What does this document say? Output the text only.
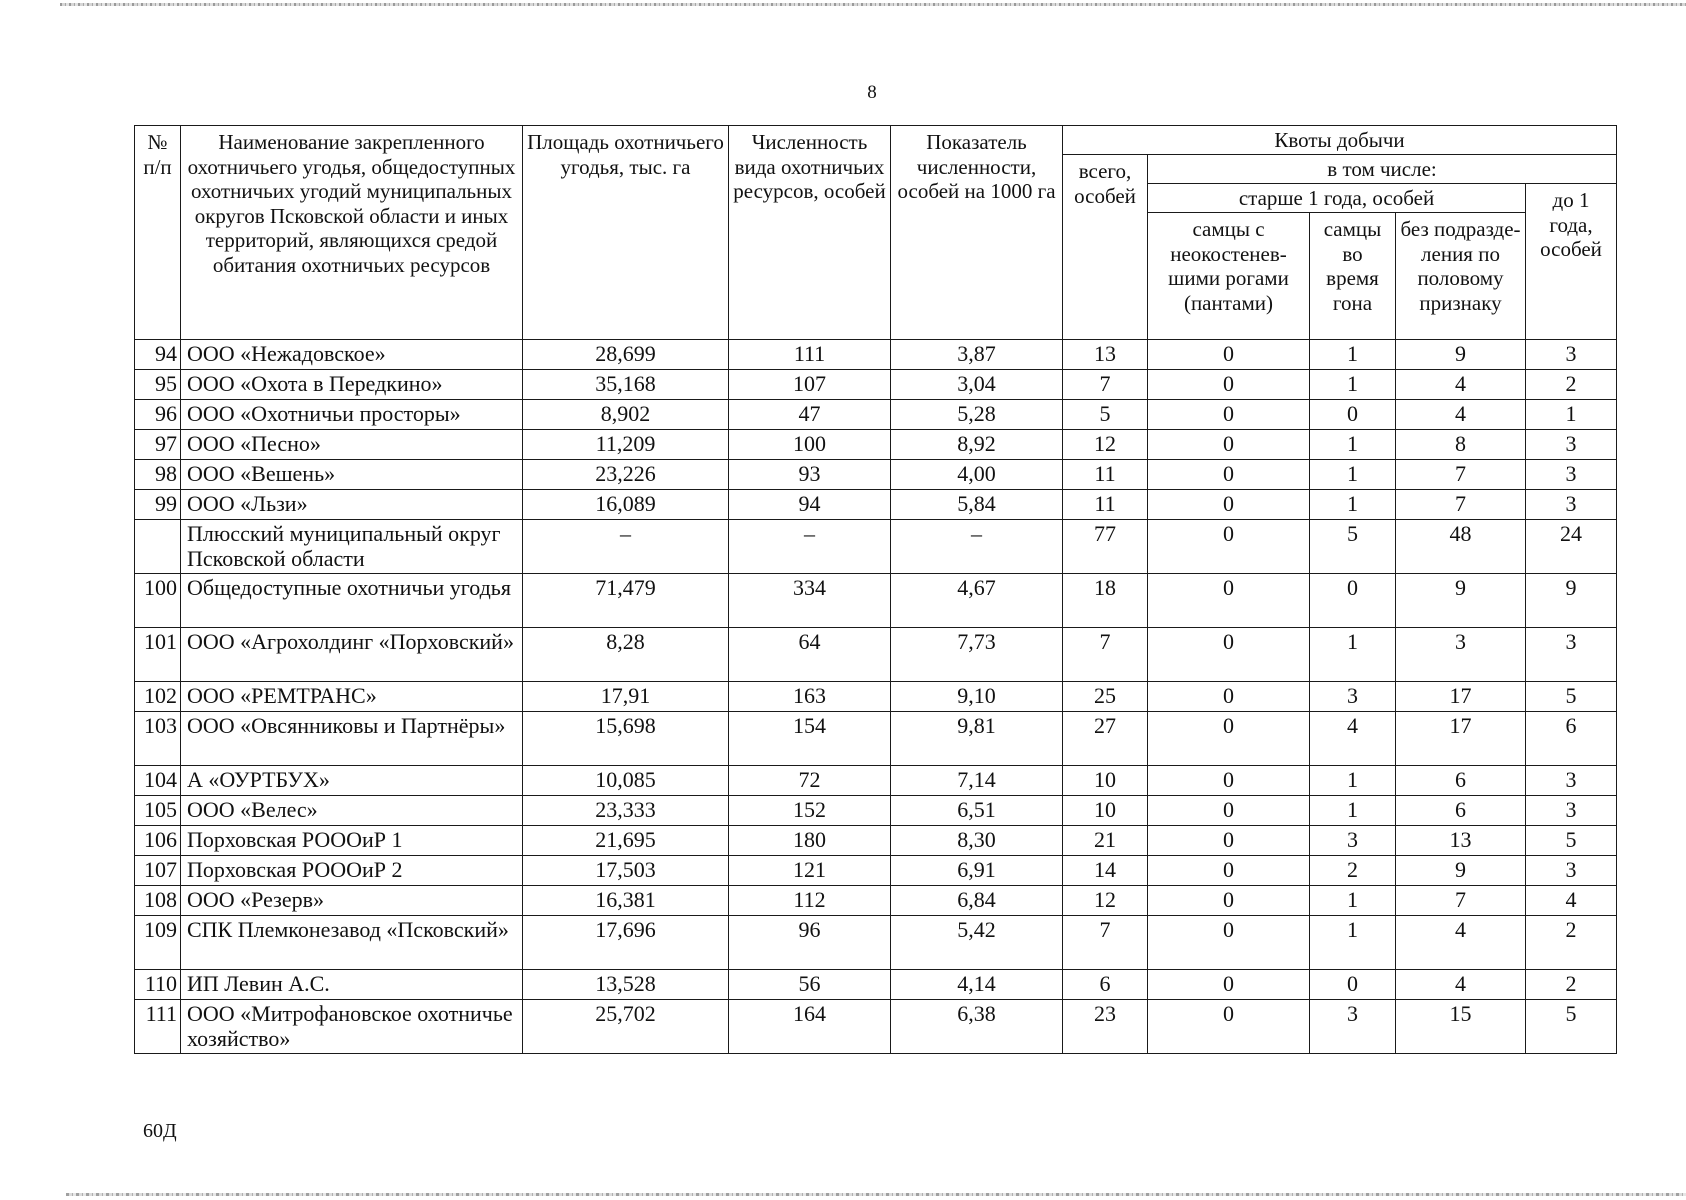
8
№ п/п	Наименование закрепленного охотничьего угодья, общедоступных охотничьих угодий муниципальных округов Псковской области и иных территорий, являющихся средой обитания охотничьих ресурсов	Площадь охотничьего угодья, тыс. га	Численность вида охотничьих ресурсов, особей	Показатель численности, особей на 1000 га	Квоты добычи				
					всего, особей	в том числе:			
						старше 1 года, особей			до 1 года, особей
						самцы с неокостенев-шими рогами (пантами)	самцы во время гона	без подразде-ления по половому признаку	
94	ООО «Нежадовское»	28,699	111	3,87	13	0	1	9	3
95	ООО «Охота в Передкино»	35,168	107	3,04	7	0	1	4	2
96	ООО «Охотничьи просторы»	8,902	47	5,28	5	0	0	4	1
97	ООО «Песно»	11,209	100	8,92	12	0	1	8	3
98	ООО «Вешень»	23,226	93	4,00	11	0	1	7	3
99	ООО «Льзи»	16,089	94	5,84	11	0	1	7	3
	Плюсский муниципальный округ Псковской области	–	–	–	77	0	5	48	24
100	Общедоступные охотничьи угодья	71,479	334	4,67	18	0	0	9	9
101	ООО «Агрохолдинг «Порховский»	8,28	64	7,73	7	0	1	3	3
102	ООО «РЕМТРАНС»	17,91	163	9,10	25	0	3	17	5
103	ООО «Овсянниковы и Партнёры»	15,698	154	9,81	27	0	4	17	6
104	А «ОУРТБУХ»	10,085	72	7,14	10	0	1	6	3
105	ООО «Велес»	23,333	152	6,51	10	0	1	6	3
106	Порховская РОООиР 1	21,695	180	8,30	21	0	3	13	5
107	Порховская РОООиР 2	17,503	121	6,91	14	0	2	9	3
108	ООО «Резерв»	16,381	112	6,84	12	0	1	7	4
109	СПК Племконезавод «Псковский»	17,696	96	5,42	7	0	1	4	2
110	ИП Левин А.С.	13,528	56	4,14	6	0	0	4	2
111	ООО «Митрофановское охотничье хозяйство»	25,702	164	6,38	23	0	3	15	5
60Д
